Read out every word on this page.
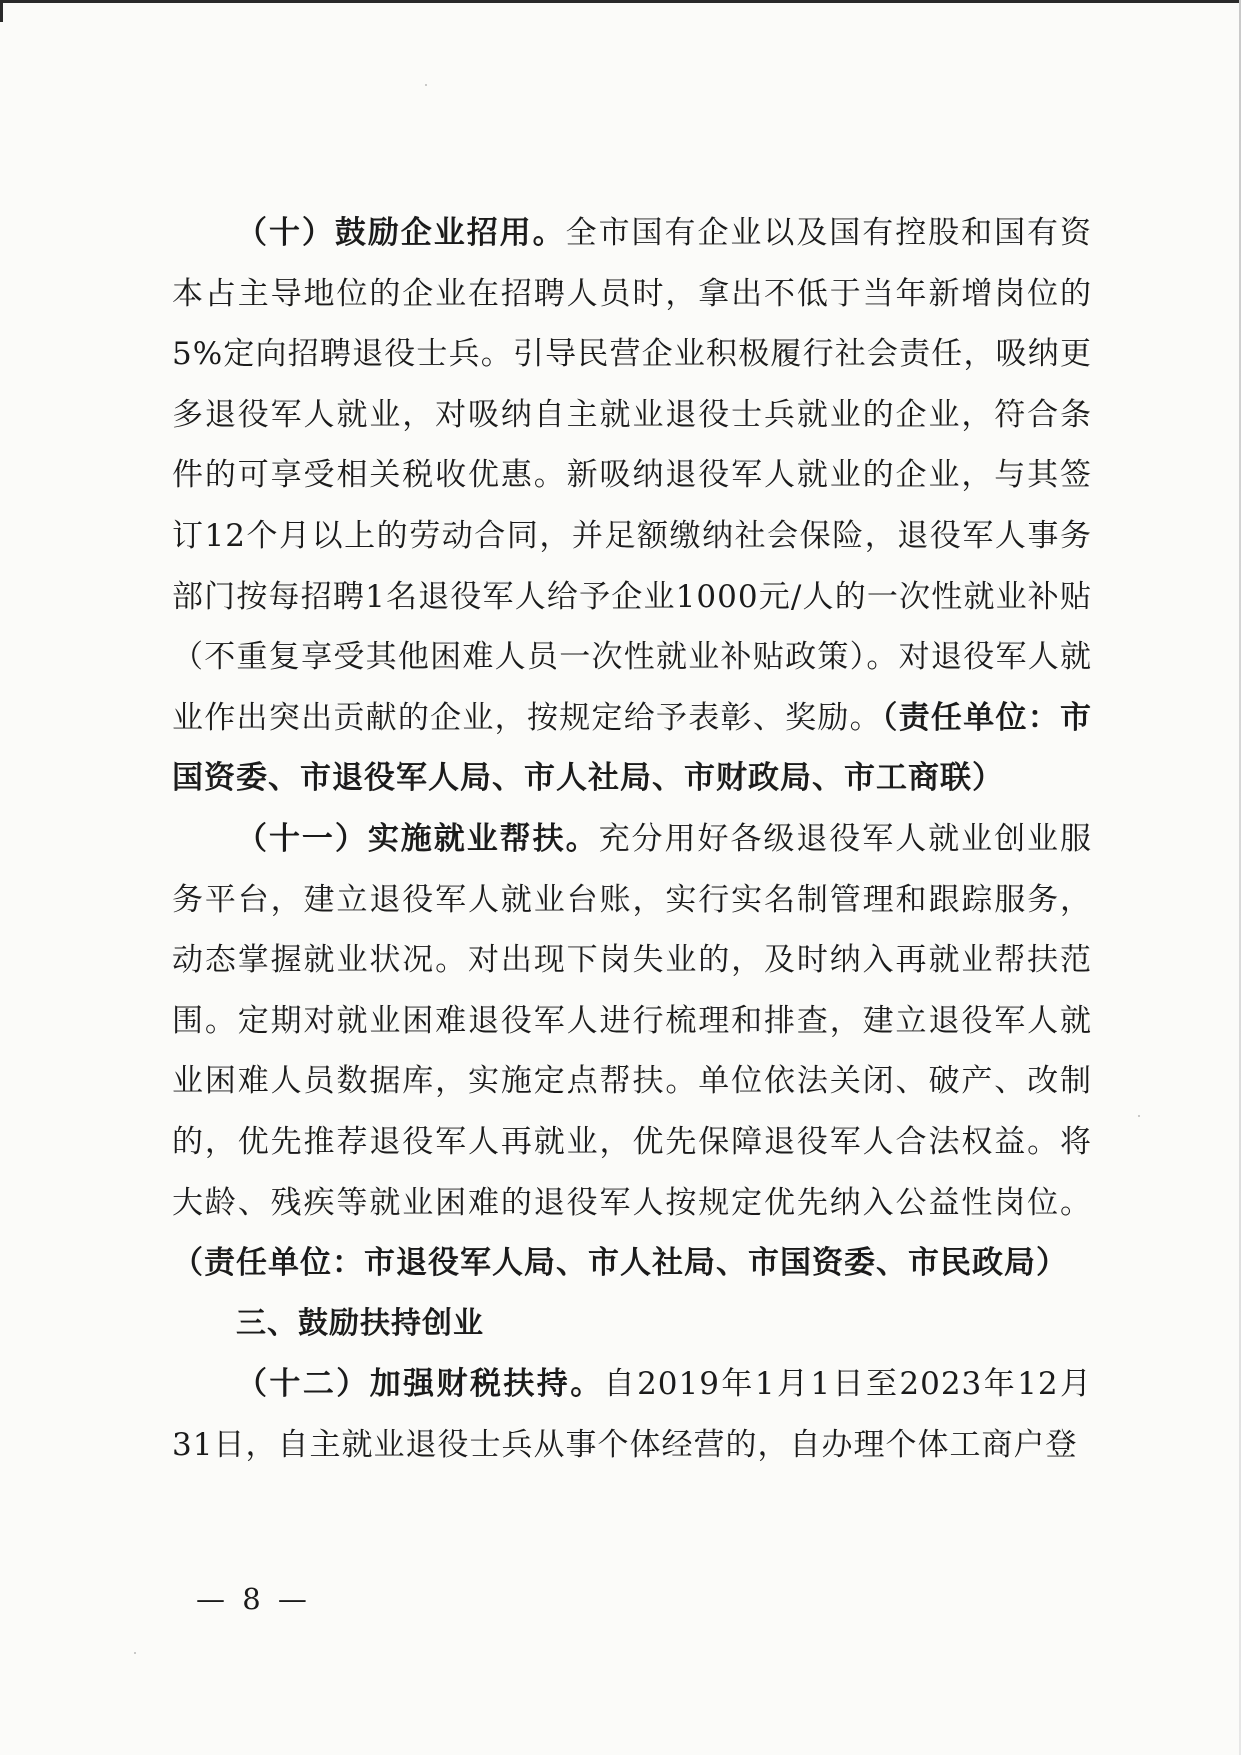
（十）鼓励企业招用。全市国有企业以及国有控股和国有资本占主导地位的企业在招聘人员时，拿出不低于当年新增岗位的5%定向招聘退役士兵。引导民营企业积极履行社会责任，吸纳更多退役军人就业，对吸纳自主就业退役士兵就业的企业，符合条件的可享受相关税收优惠。新吸纳退役军人就业的企业，与其签订12个月以上的劳动合同，并足额缴纳社会保险，退役军人事务部门按每招聘1名退役军人给予企业1000元/人的一次性就业补贴（不重复享受其他困难人员一次性就业补贴政策）。对退役军人就业作出突出贡献的企业，按规定给予表彰、奖励。（责任单位：市国资委、市退役军人局、市人社局、市财政局、市工商联）

（十一）实施就业帮扶。充分用好各级退役军人就业创业服务平台，建立退役军人就业台账，实行实名制管理和跟踪服务，动态掌握就业状况。对出现下岗失业的，及时纳入再就业帮扶范围。定期对就业困难退役军人进行梳理和排查，建立退役军人就业困难人员数据库，实施定点帮扶。单位依法关闭、破产、改制的，优先推荐退役军人再就业，优先保障退役军人合法权益。将大龄、残疾等就业困难的退役军人按规定优先纳入公益性岗位。（责任单位：市退役军人局、市人社局、市国资委、市民政局）

三、鼓励扶持创业

（十二）加强财税扶持。自2019年1月1日至2023年12月31日，自主就业退役士兵从事个体经营的，自办理个体工商户登

— 8 —
